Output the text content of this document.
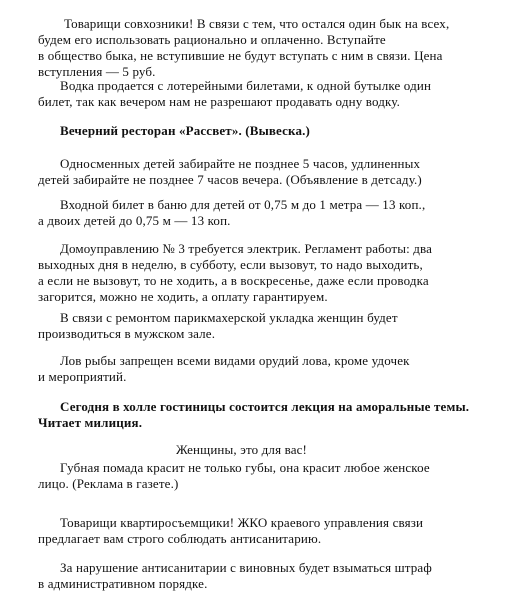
Товарищи совхозники! В связи с тем, что остался один бык на всех,
будем его использовать рационально и оплаченно. Вступайте
в общество быка, не вступившие не будут вступать с ним в связи. Цена
вступления — 5 руб.

Водка продается с лотерейными билетами, к одной бутылке один
билет, так как вечером нам не разрешают продавать одну водку.

Вечерний ресторан «Рассвет». (Вывеска.)

Односменных детей забирайте не позднее 5 часов, удлиненных
детей забирайте не позднее 7 часов вечера. (Объявление в детсаду.)

Входной билет в баню для детей от 0,75 м до 1 метра — 13 коп.,
а двоих детей до 0,75 м — 13 коп.

Домоуправлению № 3 требуется электрик. Регламент работы: два
выходных дня в неделю, в субботу, если вызовут, то надо выходить,
а если не вызовут, то не ходить, а в воскресенье, даже если проводка
загорится, можно не ходить, а оплату гарантируем.

В связи с ремонтом парикмахерской укладка женщин будет
производиться в мужском зале.

Лов рыбы запрещен всеми видами орудий лова, кроме удочек
и мероприятий.

Сегодня в холле гостиницы состоится лекция на аморальные темы.
Читает милиция.

Женщины, это для вас!

Губная помада красит не только губы, она красит любое женское
лицо. (Реклама в газете.)

Товарищи квартиросъемщики! ЖКО краевого управления связи
предлагает вам строго соблюдать антисанитарию.

За нарушение антисанитарии с виновных будет взыматься штраф
в административном порядке.
